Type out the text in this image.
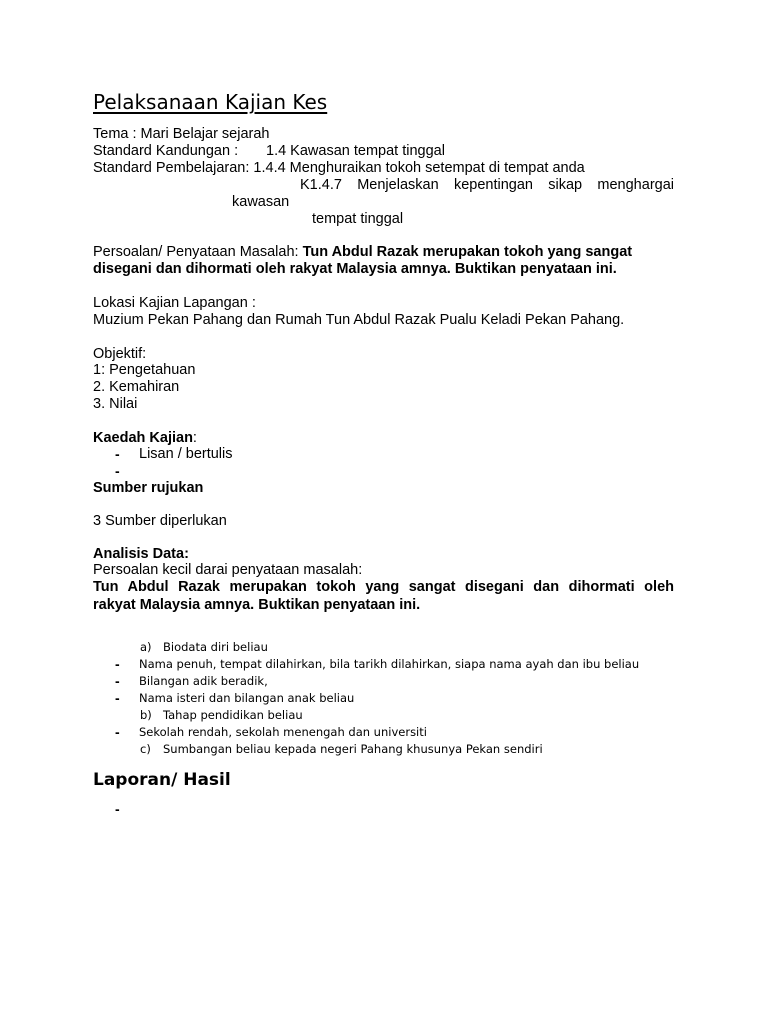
Pelaksanaan Kajian Kes
Tema : Mari Belajar sejarah
Standard Kandungan : 1.4 Kawasan tempat tinggal
Standard Pembelajaran: 1.4.4 Menghuraikan tokoh setempat di tempat anda
K1.4.7 Menjelaskan kepentingan sikap menghargai
kawasan
tempat tinggal
Persoalan/ Penyataan Masalah: Tun Abdul Razak merupakan tokoh yang sangat
disegani dan dihormati oleh rakyat Malaysia amnya. Buktikan penyataan ini.
Lokasi Kajian Lapangan :
Muzium Pekan Pahang dan Rumah Tun Abdul Razak Pualu Keladi Pekan Pahang.
Objektif:
1: Pengetahuan
2. Kemahiran
3. Nilai
Kaedah Kajian:
- Lisan / bertulis
-
Sumber rujukan
3 Sumber diperlukan
Analisis Data:
Persoalan kecil darai penyataan masalah:
Tun Abdul Razak merupakan tokoh yang sangat disegani dan dihormati oleh
rakyat Malaysia amnya. Buktikan penyataan ini.
a) Biodata diri beliau
- Nama penuh, tempat dilahirkan, bila tarikh dilahirkan, siapa nama ayah dan ibu beliau
- Bilangan adik beradik,
- Nama isteri dan bilangan anak beliau
b) Tahap pendidikan beliau
- Sekolah rendah, sekolah menengah dan universiti
c) Sumbangan beliau kepada negeri Pahang khusunya Pekan sendiri
Laporan/ Hasil
-
